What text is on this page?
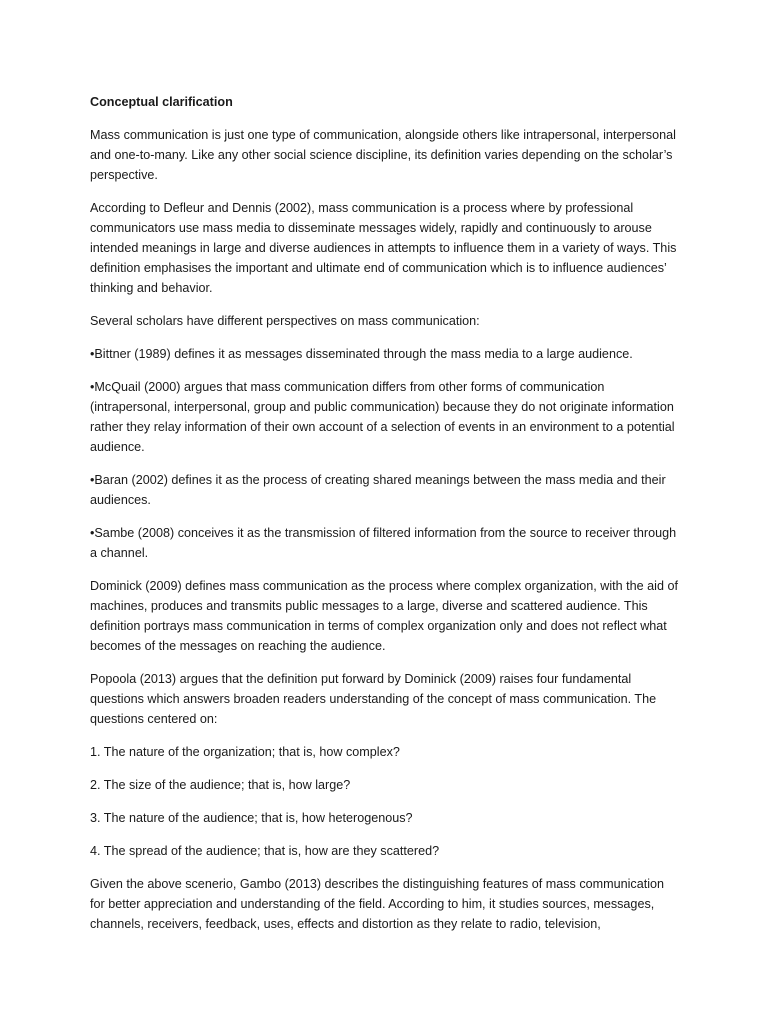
Conceptual clarification

Mass communication is just one type of communication, alongside others like intrapersonal, interpersonal and one-to-many. Like any other social science discipline, its definition varies depending on the scholar’s perspective.

According to Defleur and Dennis (2002), mass communication is a process where by professional communicators use mass media to disseminate messages widely, rapidly and continuously to arouse intended meanings in large and diverse audiences in attempts to influence them in a variety of ways. This definition emphasises the important and ultimate end of communication which is to influence audiences’ thinking and behavior.

Several scholars have different perspectives on mass communication:

•Bittner (1989) defines it as messages disseminated through the mass media to a large audience.

•McQuail (2000) argues that mass communication differs from other forms of communication (intrapersonal, interpersonal, group and public communication) because they do not originate information rather they relay information of their own account of a selection of events in an environment to a potential audience.

•Baran (2002) defines it as the process of creating shared meanings between the mass media and their audiences.

•Sambe (2008) conceives it as the transmission of filtered information from the source to receiver through a channel.

Dominick (2009) defines mass communication as the process where complex organization, with the aid of machines, produces and transmits public messages to a large, diverse and scattered audience. This definition portrays mass communication in terms of complex organization only and does not reflect what becomes of the messages on reaching the audience.

Popoola (2013) argues that the definition put forward by Dominick (2009) raises four fundamental questions which answers broaden readers understanding of the concept of mass communication. The questions centered on:

1. The nature of the organization; that is, how complex?

2. The size of the audience; that is, how large?

3. The nature of the audience; that is, how heterogenous?

4. The spread of the audience; that is, how are they scattered?

Given the above scenerio, Gambo (2013) describes the distinguishing features of mass communication for better appreciation and understanding of the field. According to him, it studies sources, messages, channels, receivers, feedback, uses, effects and distortion as they relate to radio, television,
